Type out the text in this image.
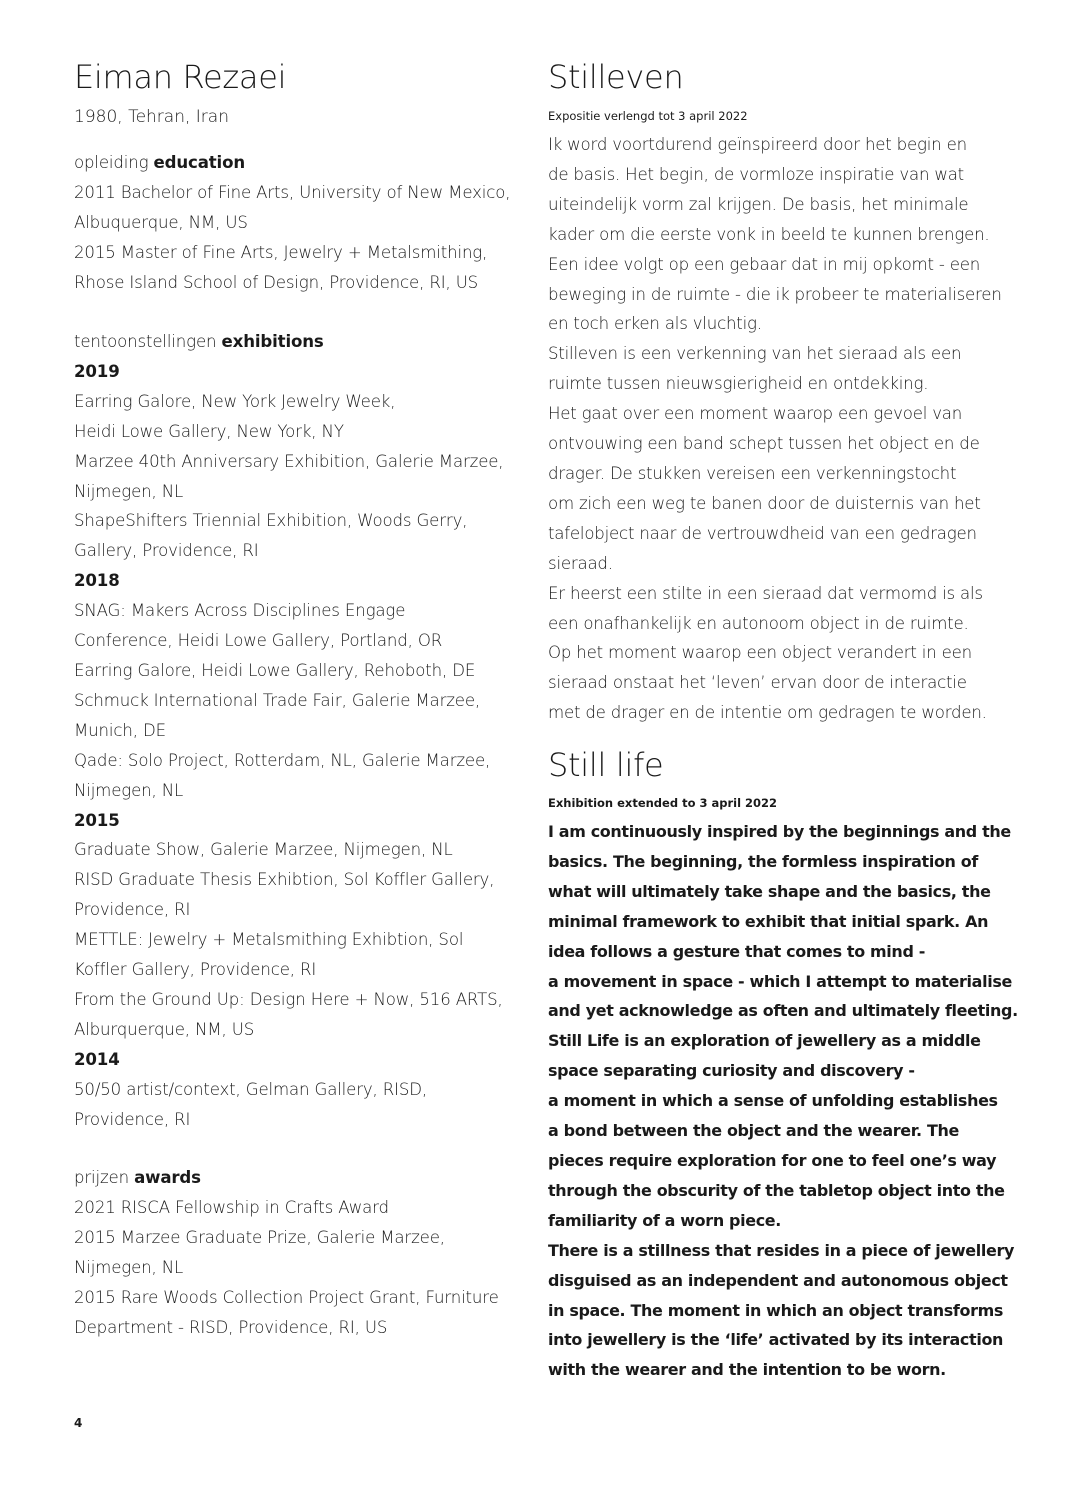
Eiman Rezaei
1980, Tehran, Iran
opleiding education
2011 Bachelor of Fine Arts, University of New Mexico,
Albuquerque, NM, US
2015 Master of Fine Arts, Jewelry + Metalsmithing,
Rhose Island School of Design, Providence, RI, US
tentoonstellingen exhibitions
2019
Earring Galore, New York Jewelry Week,
Heidi Lowe Gallery, New York, NY
Marzee 40th Anniversary Exhibition, Galerie Marzee,
Nijmegen, NL
ShapeShifters Triennial Exhibition, Woods Gerry,
Gallery, Providence, RI
2018
SNAG: Makers Across Disciplines Engage
Conference, Heidi Lowe Gallery, Portland, OR
Earring Galore, Heidi Lowe Gallery, Rehoboth, DE
Schmuck International Trade Fair, Galerie Marzee,
Munich, DE
Qade: Solo Project, Rotterdam, NL, Galerie Marzee,
Nijmegen, NL
2015
Graduate Show, Galerie Marzee, Nijmegen, NL
RISD Graduate Thesis Exhibtion, Sol Koffler Gallery,
Providence, RI
METTLE: Jewelry + Metalsmithing Exhibtion, Sol
Koffler Gallery, Providence, RI
From the Ground Up: Design Here + Now, 516 ARTS,
Alburquerque, NM, US
2014
50/50 artist/context, Gelman Gallery, RISD,
Providence, RI
prijzen awards
2021 RISCA Fellowship in Crafts Award
2015 Marzee Graduate Prize, Galerie Marzee,
Nijmegen, NL
2015 Rare Woods Collection Project Grant, Furniture
Department - RISD, Providence, RI, US
Stilleven
Expositie verlengd tot 3 april 2022
Ik word voortdurend geïnspireerd door het begin en
de basis. Het begin, de vormloze inspiratie van wat
uiteindelijk vorm zal krijgen. De basis, het minimale
kader om die eerste vonk in beeld te kunnen brengen.
Een idee volgt op een gebaar dat in mij opkomt - een
beweging in de ruimte - die ik probeer te materialiseren
en toch erken als vluchtig.
Stilleven is een verkenning van het sieraad als een
ruimte tussen nieuwsgierigheid en ontdekking.
Het gaat over een moment waarop een gevoel van
ontvouwing een band schept tussen het object en de
drager. De stukken vereisen een verkenningstocht
om zich een weg te banen door de duisternis van het
tafelobject naar de vertrouwdheid van een gedragen
sieraad.
Er heerst een stilte in een sieraad dat vermomd is als
een onafhankelijk en autonoom object in de ruimte.
Op het moment waarop een object verandert in een
sieraad onstaat het ‘leven’ ervan door de interactie
met de drager en de intentie om gedragen te worden.
Still life
Exhibition extended to 3 april 2022
I am continuously inspired by the beginnings and the
basics. The beginning, the formless inspiration of
what will ultimately take shape and the basics, the
minimal framework to exhibit that initial spark. An
idea follows a gesture that comes to mind -
a movement in space - which I attempt to materialise
and yet acknowledge as often and ultimately fleeting.
Still Life is an exploration of jewellery as a middle
space separating curiosity and discovery -
a moment in which a sense of unfolding establishes
a bond between the object and the wearer. The
pieces require exploration for one to feel one’s way
through the obscurity of the tabletop object into the
familiarity of a worn piece.
There is a stillness that resides in a piece of jewellery
disguised as an independent and autonomous object
in space. The moment in which an object transforms
into jewellery is the ‘life’ activated by its interaction
with the wearer and the intention to be worn.
4
